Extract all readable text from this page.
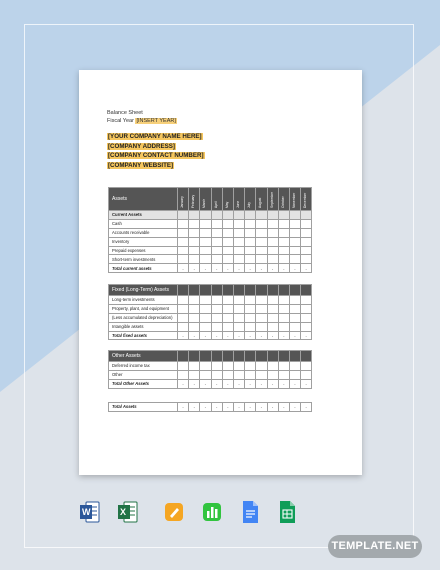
Balance Sheet
Fiscal Year [INSERT YEAR]
[YOUR COMPANY NAME HERE]
[COMPANY ADDRESS]
[COMPANY CONTACT NUMBER]
[COMPANY WEBSITE]
Assets	January	February	March	April	May	June	July	August	September	October	November	December

Current Assets												
Cash												
Accounts receivable												
Inventory												
Prepaid expenses												
Short-term investments												
Total current assets	-	-	-	-	-	-	-	-	-	-	-	-
Fixed (Long-Term) Assets												
Long-term investments												
Property, plant, and equipment												
(Less accumulated depreciation)												
Intangible assets												
Total fixed assets	-	-	-	-	-	-	-	-	-	-	-	-
Other Assets												
Deferred income tax												
Other												
Total Other Assets	-	-	-	-	-	-	-	-	-	-	-	-
Total Assets	-	-	-	-	-	-	-	-	-	-	-	-
W	X
TEMPLATE.NET
